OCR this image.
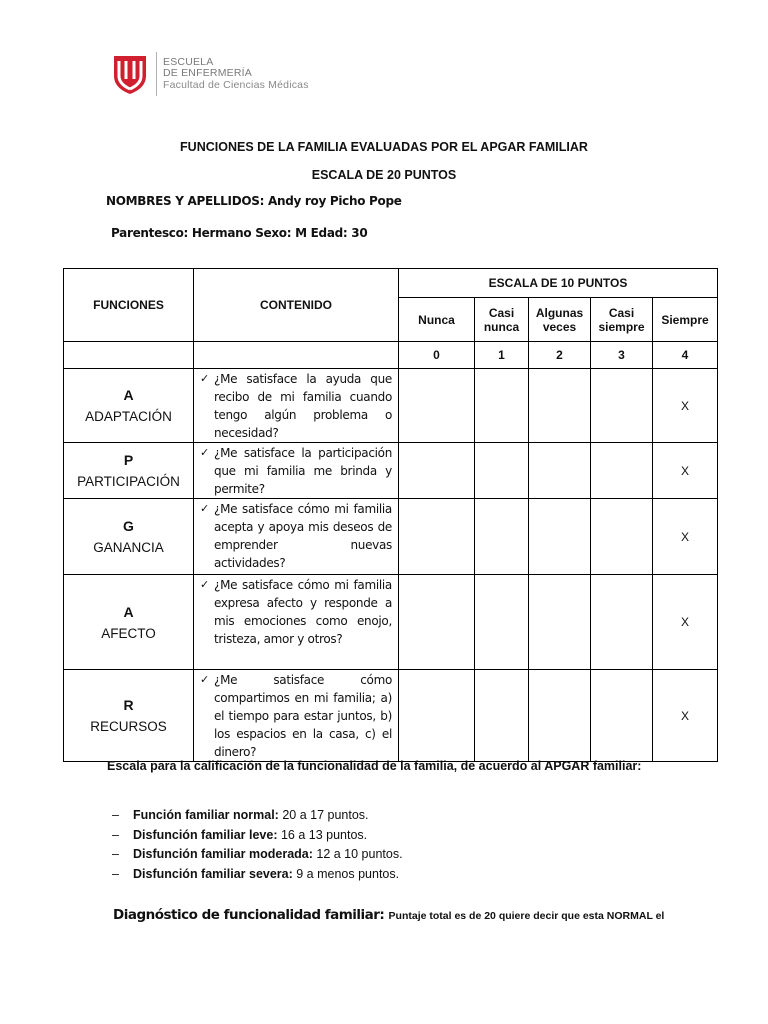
ESCUELA
DE ENFERMERÍA
Facultad de Ciencias Médicas
FUNCIONES DE LA FAMILIA EVALUADAS POR EL APGAR FAMILIAR
ESCALA DE 20 PUNTOS
NOMBRES Y APELLIDOS: Andy roy Picho Pope
Parentesco: Hermano Sexo: M Edad: 30
FUNCIONES	CONTENIDO	ESCALA DE 10 PUNTOS				
		Nunca	Casi nunca	Algunas veces	Casi siempre	Siempre
		0	1	2	3	4

A
ADAPTACIÓN	✓ ¿Me satisface la ayuda que recibo de mi familia cuando tengo algún problema o necesidad?					X

P
PARTICIPACIÓN	✓ ¿Me satisface la participación que mi familia me brinda y permite?					X

G
GANANCIA	✓ ¿Me satisface cómo mi familia acepta y apoya mis deseos de emprender nuevas actividades?					X

A
AFECTO	✓ ¿Me satisface cómo mi familia expresa afecto y responde a mis emociones como enojo, tristeza, amor y otros?					X

R
RECURSOS	✓ ¿Me satisface cómo compartimos en mi familia; a) el tiempo para estar juntos, b) los espacios en la casa, c) el dinero?					X
Escala para la calificación de la funcionalidad de la familia, de acuerdo al APGAR familiar:
–	Función familiar normal: 20 a 17 puntos.
–	Disfunción familiar leve: 16 a 13 puntos.
–	Disfunción familiar moderada: 12 a 10 puntos.
–	Disfunción familiar severa: 9 a menos puntos.
Diagnóstico de funcionalidad familiar: Puntaje total es de 20 quiere decir que esta NORMAL el
